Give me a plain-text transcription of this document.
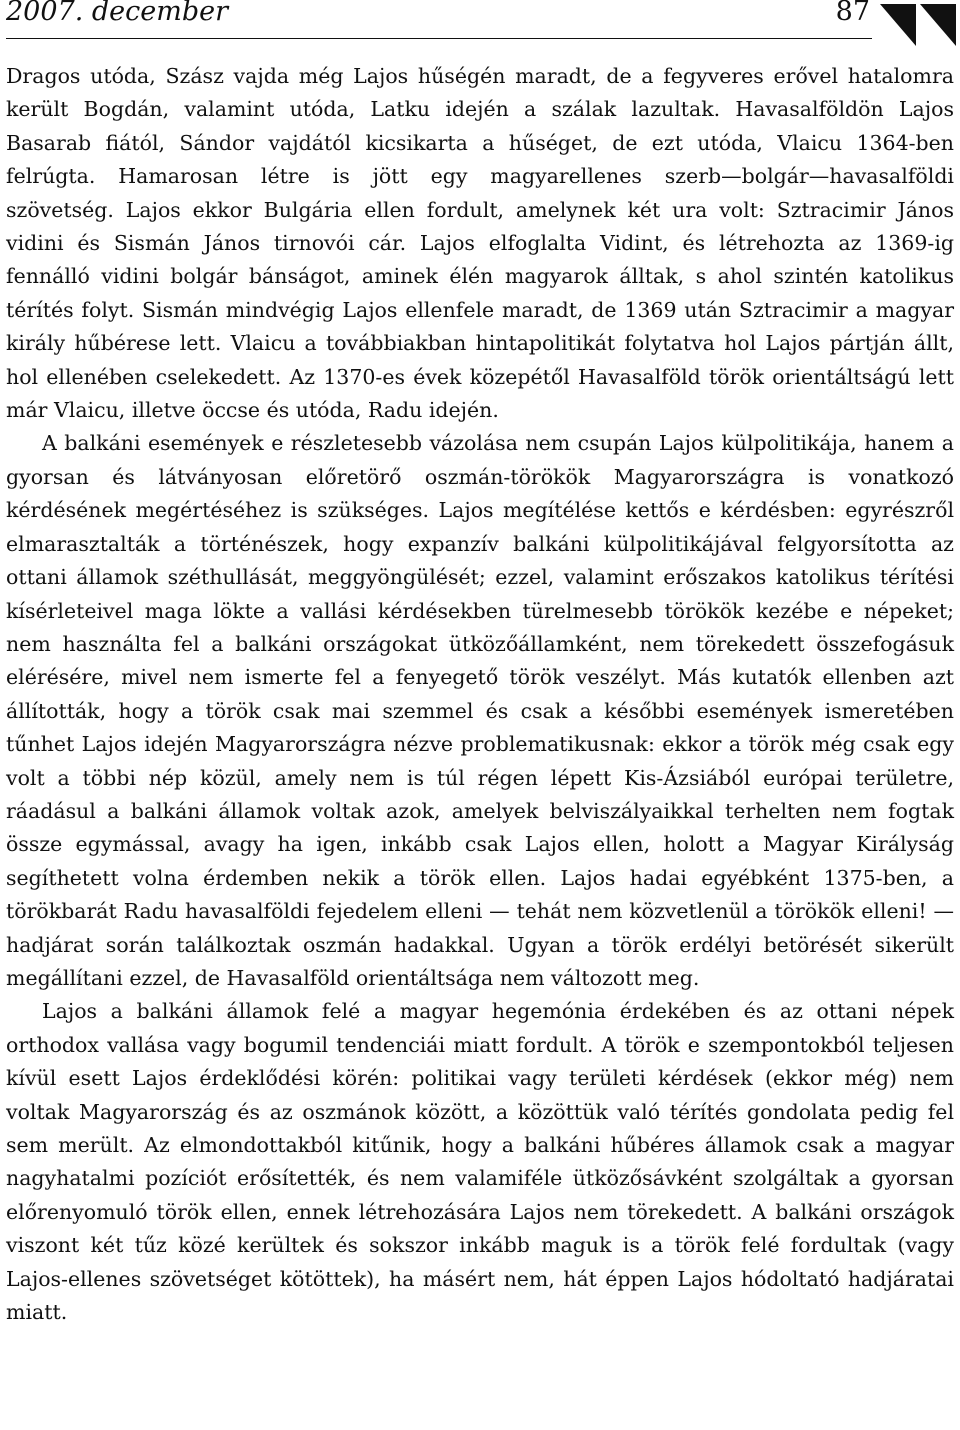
2007. december	87

Dragos utóda, Szász vajda még Lajos hűségén maradt, de a fegyveres erővel hatalomra került Bogdán, valamint utóda, Latku idején a szálak lazultak. Havasalföldön Lajos Basarab fiától, Sándor vajdától kicsikarta a hűséget, de ezt utóda, Vlaicu 1364-ben felrúgta. Hamarosan létre is jött egy magyarellenes szerb—bolgár—havasalföldi szövetség. Lajos ekkor Bulgária ellen fordult, amelynek két ura volt: Sztracimir János vidini és Sismán János tirnovói cár. Lajos elfoglalta Vidint, és létrehozta az 1369-ig fennálló vidini bolgár bánságot, aminek élén magyarok álltak, s ahol szintén katolikus térítés folyt. Sismán mindvégig Lajos ellenfele maradt, de 1369 után Sztracimir a magyar király hűbérese lett. Vlaicu a továbbiakban hintapolitikát folytatva hol Lajos pártján állt, hol ellenében cselekedett. Az 1370-es évek közepétől Havasalföld török orientáltságú lett már Vlaicu, illetve öccse és utóda, Radu idején.

A balkáni események e részletesebb vázolása nem csupán Lajos külpolitikája, hanem a gyorsan és látványosan előretörő oszmán-törökök Magyarországra is vonatkozó kérdésének megértéséhez is szükséges. Lajos megítélése kettős e kérdésben: egyrészről elmarasztalták a történészek, hogy expanzív balkáni külpolitikájával felgyorsította az ottani államok széthullását, meggyöngülését; ezzel, valamint erőszakos katolikus térítési kísérleteivel maga lökte a vallási kérdésekben türelmesebb törökök kezébe e népeket; nem használta fel a balkáni országokat ütközőállamként, nem törekedett összefogásuk elérésére, mivel nem ismerte fel a fenyegető török veszélyt. Más kutatók ellenben azt állították, hogy a török csak mai szemmel és csak a későbbi események ismeretében tűnhet Lajos idején Magyarországra nézve problematikusnak: ekkor a török még csak egy volt a többi nép közül, amely nem is túl régen lépett Kis-Ázsiából európai területre, ráadásul a balkáni államok voltak azok, amelyek belviszályaikkal terhelten nem fogtak össze egymással, avagy ha igen, inkább csak Lajos ellen, holott a Magyar Királyság segíthetett volna érdemben nekik a török ellen. Lajos hadai egyébként 1375-ben, a törökbarát Radu havasalföldi fejedelem elleni — tehát nem közvetlenül a törökök elleni! — hadjárat során találkoztak oszmán hadakkal. Ugyan a török erdélyi betörését sikerült megállítani ezzel, de Havasalföld orientáltsága nem változott meg.

Lajos a balkáni államok felé a magyar hegemónia érdekében és az ottani népek orthodox vallása vagy bogumil tendenciái miatt fordult. A török e szempontokból teljesen kívül esett Lajos érdeklődési körén: politikai vagy területi kérdések (ekkor még) nem voltak Magyarország és az oszmánok között, a közöttük való térítés gondolata pedig fel sem merült. Az elmondottakból kitűnik, hogy a balkáni hűbéres államok csak a magyar nagyhatalmi pozíciót erősítették, és nem valamiféle ütközősávként szolgáltak a gyorsan előrenyomuló török ellen, ennek létrehozására Lajos nem törekedett. A balkáni országok viszont két tűz közé kerültek és sokszor inkább maguk is a török felé fordultak (vagy Lajos-ellenes szövetséget kötöttek), ha másért nem, hát éppen Lajos hódoltató hadjáratai miatt.
